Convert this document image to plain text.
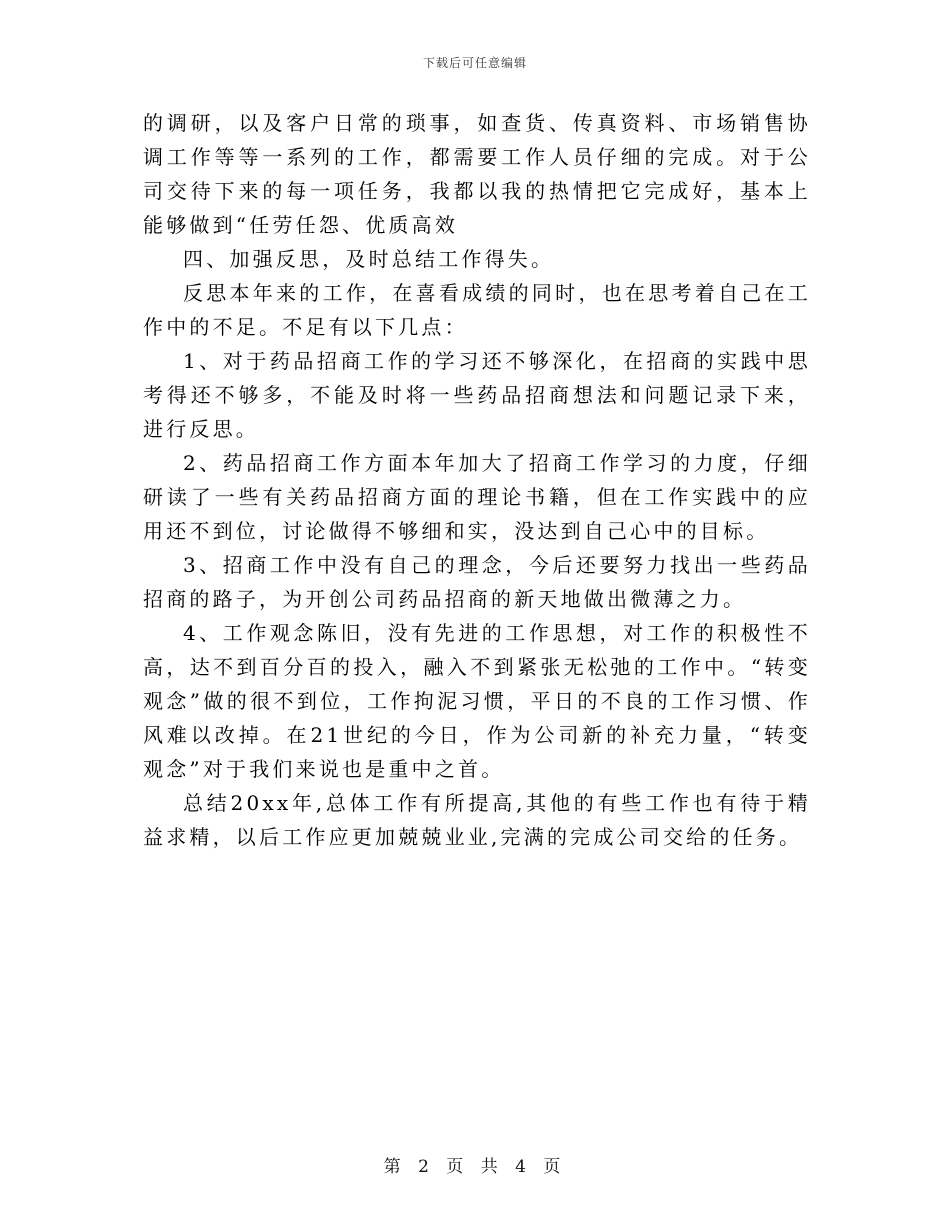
下载后可任意编辑

的调研，以及客户日常的琐事，如查货、传真资料、市场销售协调工作等等一系列的工作，都需要工作人员仔细的完成。对于公司交待下来的每一项任务，我都以我的热情把它完成好，基本上能够做到“任劳任怨、优质高效

四、加强反思，及时总结工作得失。

反思本年来的工作，在喜看成绩的同时，也在思考着自己在工作中的不足。不足有以下几点：

1、对于药品招商工作的学习还不够深化，在招商的实践中思考得还不够多，不能及时将一些药品招商想法和问题记录下来，进行反思。

2、药品招商工作方面本年加大了招商工作学习的力度，仔细研读了一些有关药品招商方面的理论书籍，但在工作实践中的应用还不到位，讨论做得不够细和实，没达到自己心中的目标。

3、招商工作中没有自己的理念，今后还要努力找出一些药品招商的路子，为开创公司药品招商的新天地做出微薄之力。

4、工作观念陈旧，没有先进的工作思想，对工作的积极性不高，达不到百分百的投入，融入不到紧张无松弛的工作中。“转变观念”做的很不到位，工作拘泥习惯，平日的不良的工作习惯、作风难以改掉。在21世纪的今日，作为公司新的补充力量，“转变观念”对于我们来说也是重中之首。

总结20xx年,总体工作有所提高,其他的有些工作也有待于精益求精，以后工作应更加兢兢业业,完满的完成公司交给的任务。

第 2 页 共 4 页
